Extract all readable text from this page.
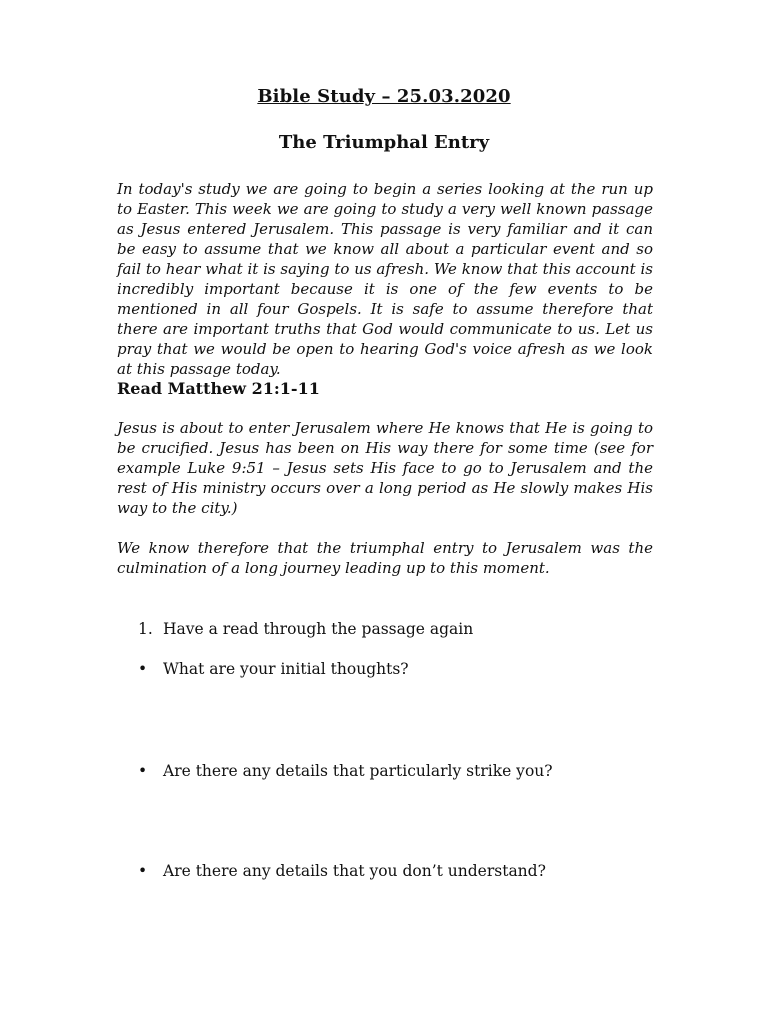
Bible Study – 25.03.2020
The Triumphal Entry

In today's study we are going to begin a series looking at the run up to Easter. This week we are going to study a very well known passage as Jesus entered Jerusalem. This passage is very familiar and it can be easy to assume that we know all about a particular event and so fail to hear what it is saying to us afresh. We know that this account is incredibly important because it is one of the few events to be mentioned in all four Gospels. It is safe to assume therefore that there are important truths that God would communicate to us. Let us pray that we would be open to hearing God's voice afresh as we look at this passage today.

Read Matthew 21:1-11

Jesus is about to enter Jerusalem where He knows that He is going to be crucified. Jesus has been on His way there for some time (see for example Luke 9:51 – Jesus sets His face to go to Jerusalem and the rest of His ministry occurs over a long period as He slowly makes His way to the city.)

We know therefore that the triumphal entry to Jerusalem was the culmination of a long journey leading up to this moment.

1. Have a read through the passage again
• What are your initial thoughts?
• Are there any details that particularly strike you?
• Are there any details that you don’t understand?
